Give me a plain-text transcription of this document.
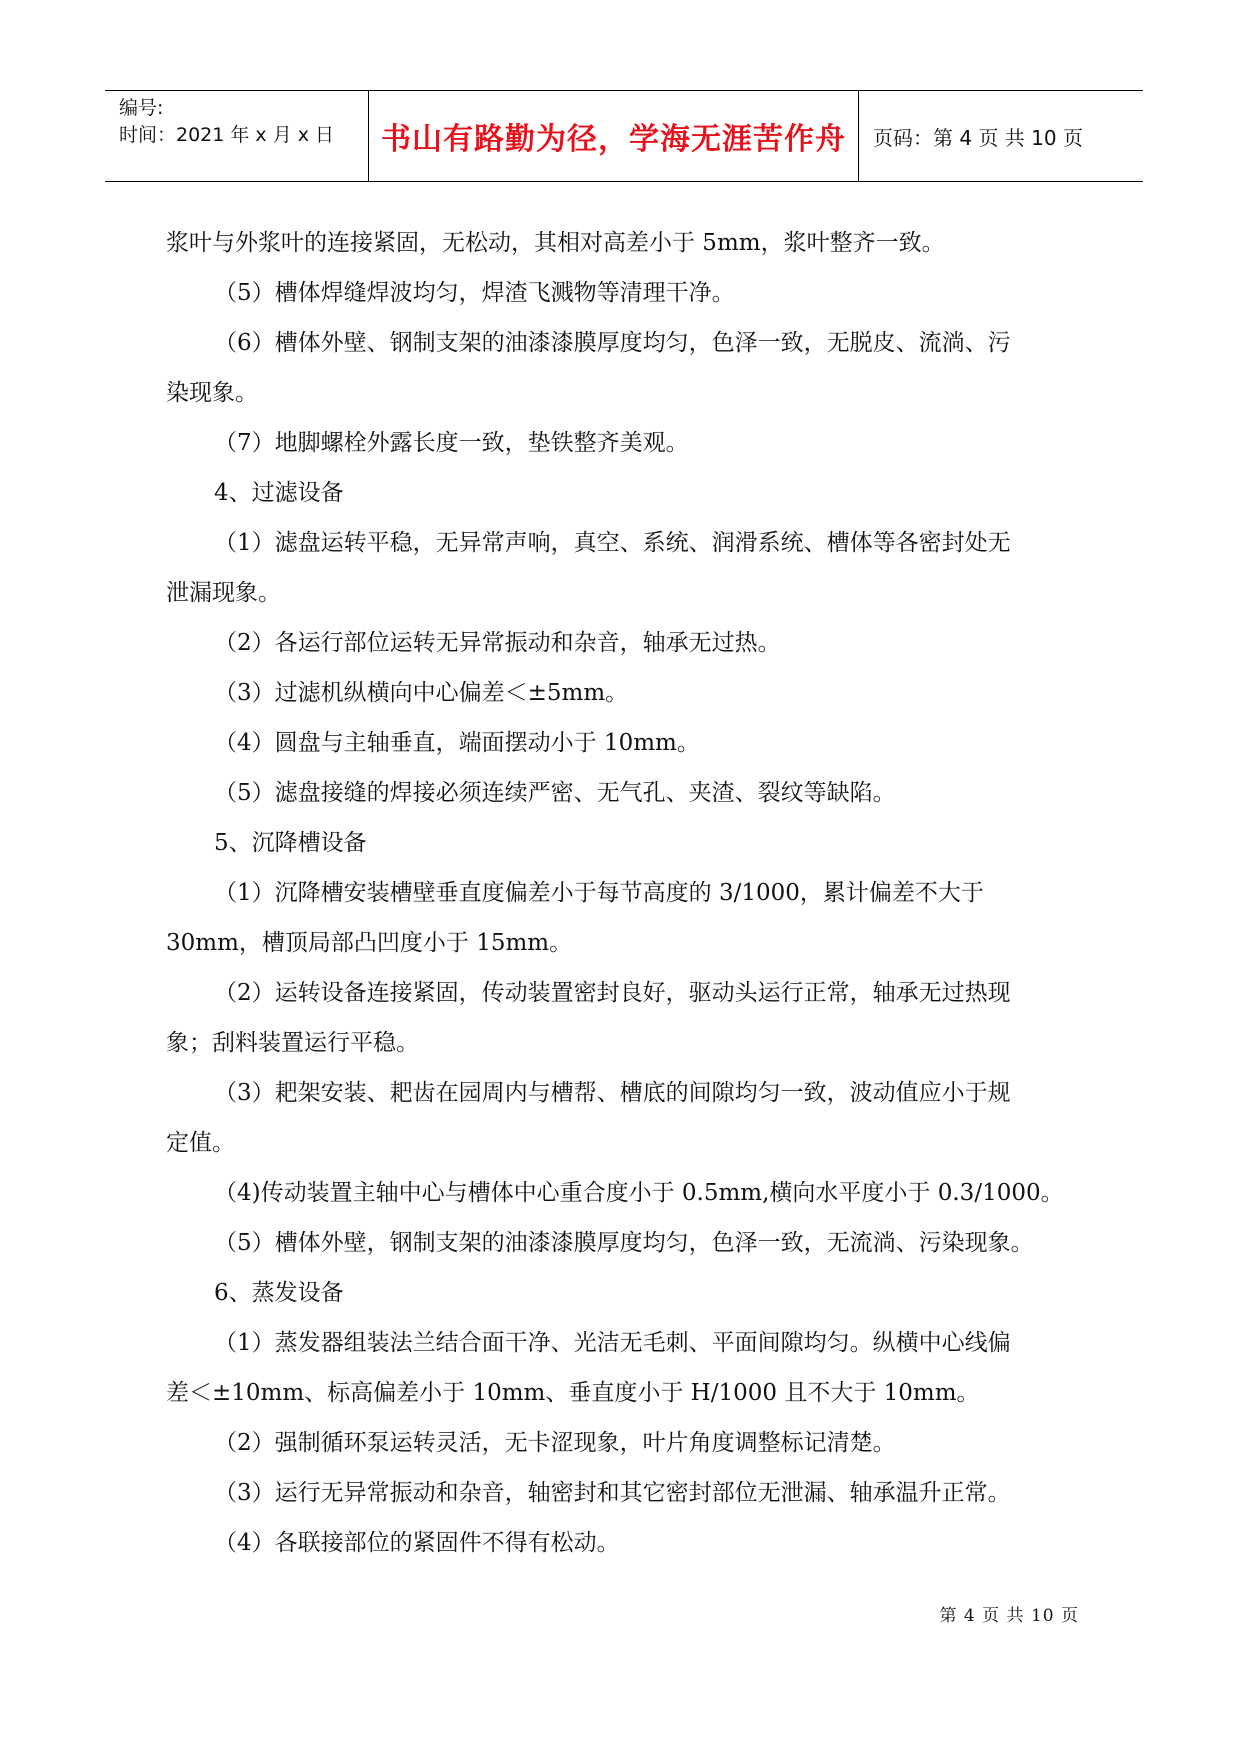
编号:
时间：2021 年 x 月 x 日	书山有路勤为径，学海无涯苦作舟 页码：第 4 页 共 10 页
浆叶与外浆叶的连接紧固，无松动，其相对高差小于 5mm，浆叶整齐一致。
（5）槽体焊缝焊波均匀，焊渣飞溅物等清理干净。
（6）槽体外壁、钢制支架的油漆漆膜厚度均匀，色泽一致，无脱皮、流淌、污
染现象。
（7）地脚螺栓外露长度一致，垫铁整齐美观。
4、过滤设备
（1）滤盘运转平稳，无异常声响，真空、系统、润滑系统、槽体等各密封处无
泄漏现象。
（2）各运行部位运转无异常振动和杂音，轴承无过热。
（3）过滤机纵横向中心偏差＜±5mm。
（4）圆盘与主轴垂直，端面摆动小于 10mm。
（5）滤盘接缝的焊接必须连续严密、无气孔、夹渣、裂纹等缺陷。
5、沉降槽设备
（1）沉降槽安装槽壁垂直度偏差小于每节高度的 3/1000，累计偏差不大于
30mm，槽顶局部凸凹度小于 15mm。
（2）运转设备连接紧固，传动装置密封良好，驱动头运行正常，轴承无过热现
象；刮料装置运行平稳。
（3）耙架安装、耙齿在园周内与槽帮、槽底的间隙均匀一致，波动值应小于规
定值。
（4)传动装置主轴中心与槽体中心重合度小于 0.5mm,横向水平度小于 0.3/1000。
（5）槽体外壁，钢制支架的油漆漆膜厚度均匀，色泽一致，无流淌、污染现象。
6、蒸发设备
（1）蒸发器组装法兰结合面干净、光洁无毛刺、平面间隙均匀。纵横中心线偏
差＜±10mm、标高偏差小于 10mm、垂直度小于 H/1000 且不大于 10mm。
（2）强制循环泵运转灵活，无卡涩现象，叶片角度调整标记清楚。
（3）运行无异常振动和杂音，轴密封和其它密封部位无泄漏、轴承温升正常。
（4）各联接部位的紧固件不得有松动。
第 4 页 共 10 页
